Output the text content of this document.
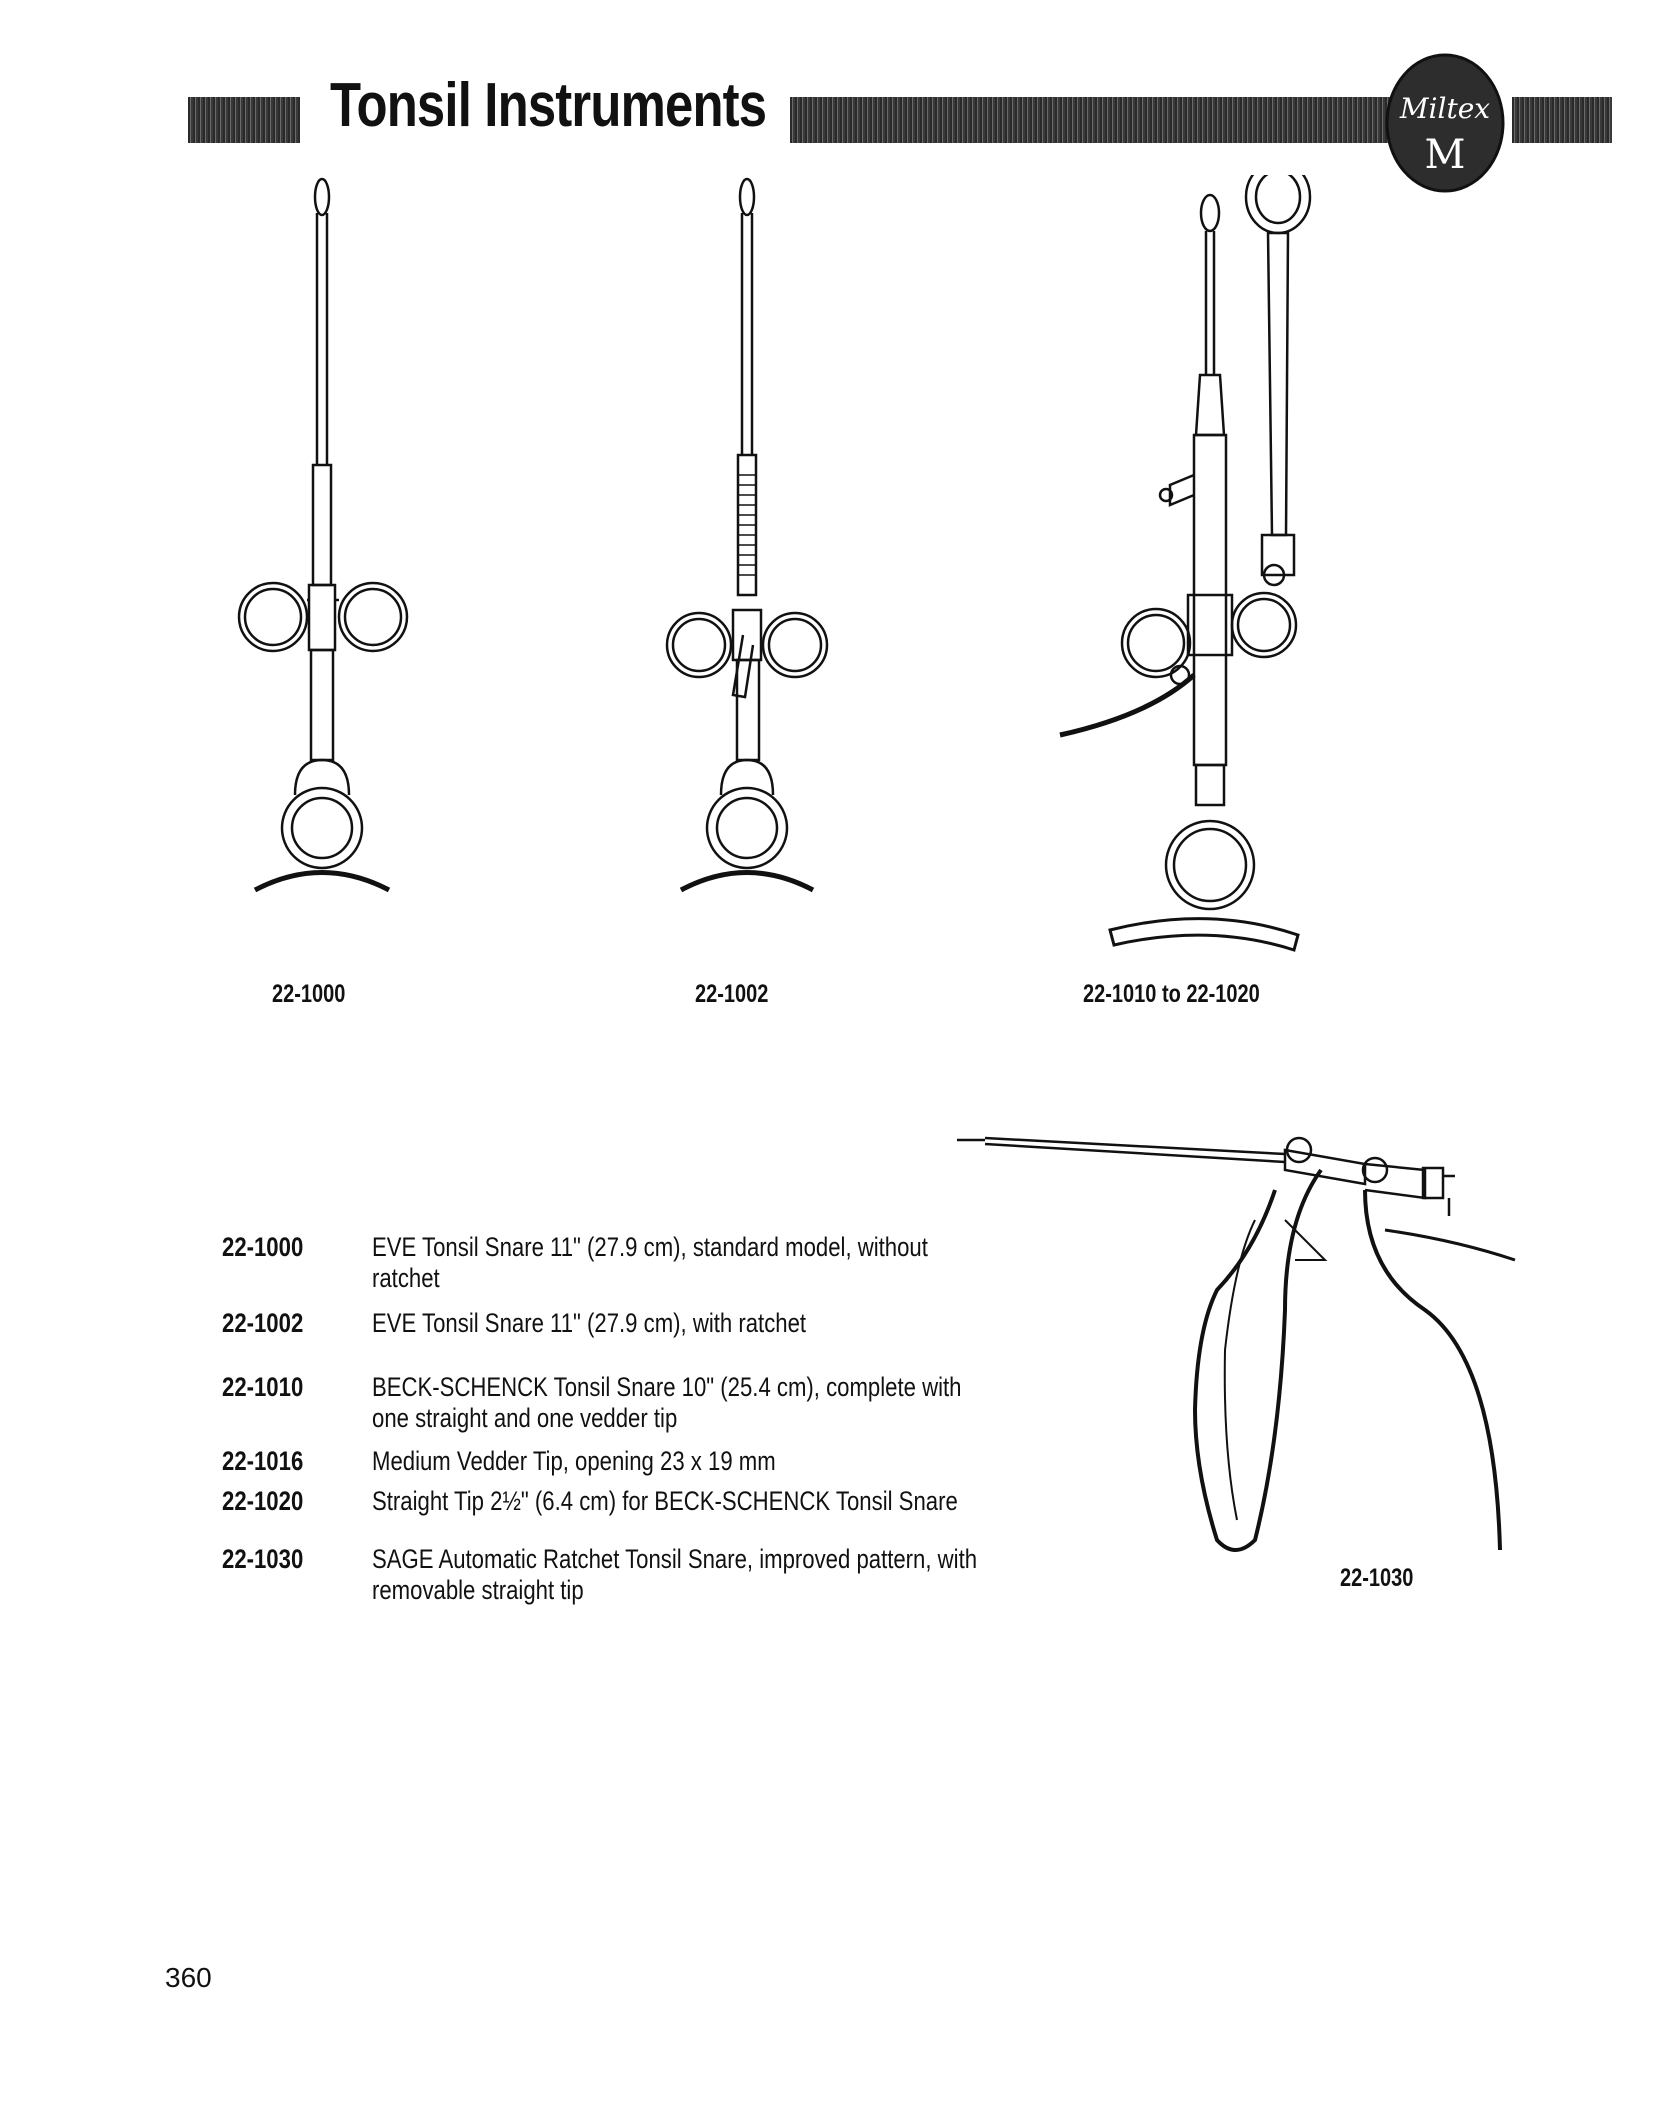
Tonsil Instruments	Miltex
M
22-1000	22-1002	22-1010 to 22-1020
22-1030
22-1000	EVE Tonsil Snare 11" (27.9 cm), standard model, without ratchet
22-1002	EVE Tonsil Snare 11" (27.9 cm), with ratchet
22-1010	BECK-SCHENCK Tonsil Snare 10" (25.4 cm), complete with one straight and one vedder tip
22-1016	Medium Vedder Tip, opening 23 x 19 mm
22-1020	Straight Tip 2½" (6.4 cm) for BECK-SCHENCK Tonsil Snare
22-1030	SAGE Automatic Ratchet Tonsil Snare, improved pattern, with removable straight tip
360
